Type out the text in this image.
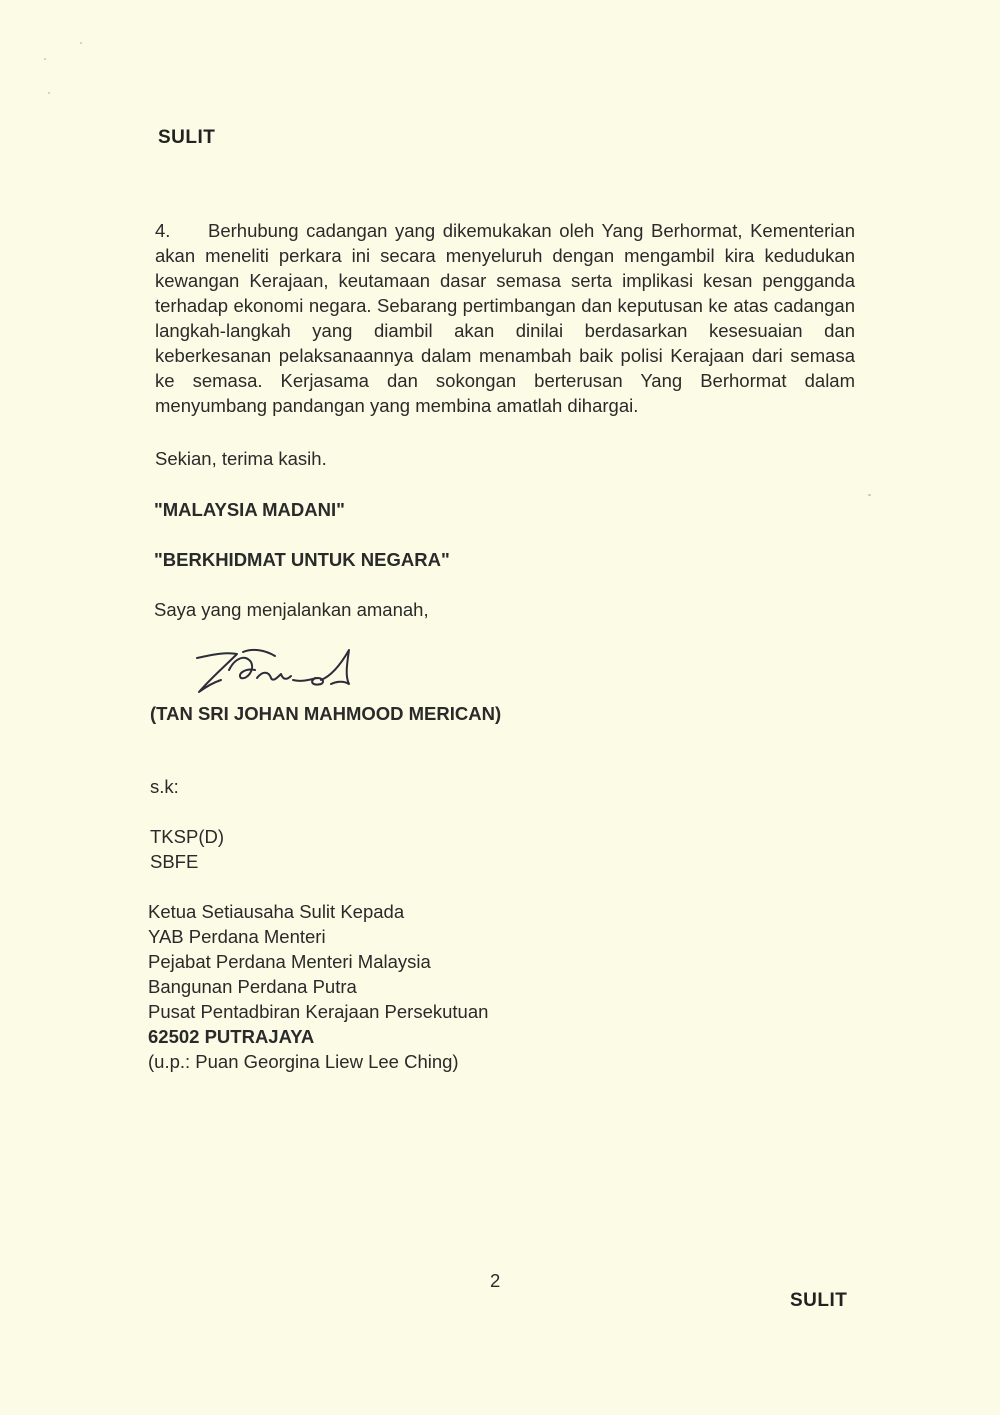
SULIT
4. Berhubung cadangan yang dikemukakan oleh Yang Berhormat, Kementerian akan meneliti perkara ini secara menyeluruh dengan mengambil kira kedudukan kewangan Kerajaan, keutamaan dasar semasa serta implikasi kesan pengganda terhadap ekonomi negara. Sebarang pertimbangan dan keputusan ke atas cadangan langkah-langkah yang diambil akan dinilai berdasarkan kesesuaian dan keberkesanan pelaksanaannya dalam menambah baik polisi Kerajaan dari semasa ke semasa. Kerjasama dan sokongan berterusan Yang Berhormat dalam menyumbang pandangan yang membina amatlah dihargai.
Sekian, terima kasih.
"MALAYSIA MADANI"
"BERKHIDMAT UNTUK NEGARA"
Saya yang menjalankan amanah,
(TAN SRI JOHAN MAHMOOD MERICAN)
s.k:
TKSP(D)
SBFE
Ketua Setiausaha Sulit Kepada
YAB Perdana Menteri
Pejabat Perdana Menteri Malaysia
Bangunan Perdana Putra
Pusat Pentadbiran Kerajaan Persekutuan
62502 PUTRAJAYA
(u.p.: Puan Georgina Liew Lee Ching)
2
SULIT
